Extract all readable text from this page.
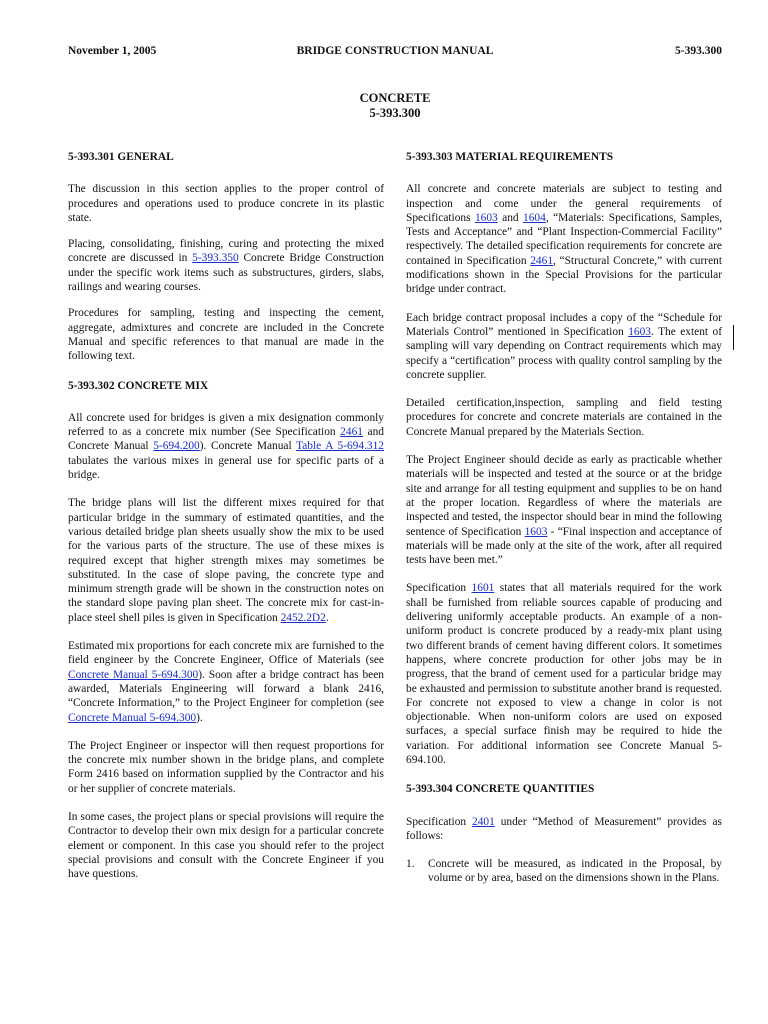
November 1, 2005	BRIDGE CONSTRUCTION MANUAL	5-393.300
CONCRETE
5-393.300
5-393.301 GENERAL

The discussion in this section applies to the proper control of procedures and operations used to produce concrete in its plastic state.

Placing, consolidating, finishing, curing and protecting the mixed concrete are discussed in 5-393.350 Concrete Bridge Construction under the specific work items such as substructures, girders, slabs, railings and wearing courses.

Procedures for sampling, testing and inspecting the cement, aggregate, admixtures and concrete are included in the Concrete Manual and specific references to that manual are made in the following text.

5-393.302 CONCRETE MIX

All concrete used for bridges is given a mix designation commonly referred to as a concrete mix number (See Specification 2461 and Concrete Manual 5-694.200). Concrete Manual Table A 5-694.312 tabulates the various mixes in general use for specific parts of a bridge.

The bridge plans will list the different mixes required for that particular bridge in the summary of estimated quantities, and the various detailed bridge plan sheets usually show the mix to be used for the various parts of the structure. The use of these mixes is required except that higher strength mixes may sometimes be substituted. In the case of slope paving, the concrete type and minimum strength grade will be shown in the construction notes on the standard slope paving plan sheet. The concrete mix for cast-in-place steel shell piles is given in Specification 2452.2D2.

Estimated mix proportions for each concrete mix are furnished to the field engineer by the Concrete Engineer, Office of Materials (see Concrete Manual 5-694.300). Soon after a bridge contract has been awarded, Materials Engineering will forward a blank 2416, “Concrete Information,” to the Project Engineer for completion (see Concrete Manual 5-694.300).

The Project Engineer or inspector will then request proportions for the concrete mix number shown in the bridge plans, and complete Form 2416 based on information supplied by the Contractor and his or her supplier of concrete materials.

In some cases, the project plans or special provisions will require the Contractor to develop their own mix design for a particular concrete element or component. In this case you should refer to the project special provisions and consult with the Concrete Engineer if you have questions.

5-393.303 MATERIAL REQUIREMENTS

All concrete and concrete materials are subject to testing and inspection and come under the general requirements of Specifications 1603 and 1604, “Materials: Specifications, Samples, Tests and Acceptance” and “Plant Inspection-Commercial Facility” respectively. The detailed specification requirements for concrete are contained in Specification 2461, “Structural Concrete,” with current modifications shown in the Special Provisions for the particular bridge under contract.

Each bridge contract proposal includes a copy of the “Schedule for Materials Control” mentioned in Specification 1603. The extent of sampling will vary depending on Contract requirements which may specify a “certification” process with quality control sampling by the concrete supplier.

Detailed certification,inspection, sampling and field testing procedures for concrete and concrete materials are contained in the Concrete Manual prepared by the Materials Section.

The Project Engineer should decide as early as practicable whether materials will be inspected and tested at the source or at the bridge site and arrange for all testing equipment and supplies to be on hand at the proper location. Regardless of where the materials are inspected and tested, the inspector should bear in mind the following sentence of Specification 1603 - “Final inspection and acceptance of materials will be made only at the site of the work, after all required tests have been met.”

Specification 1601 states that all materials required for the work shall be furnished from reliable sources capable of producing and delivering uniformly acceptable products. An example of a non-uniform product is concrete produced by a ready-mix plant using two different brands of cement having different colors. It sometimes happens, where concrete production for other jobs may be in progress, that the brand of cement used for a particular bridge may be exhausted and permission to substitute another brand is requested. For concrete not exposed to view a change in color is not objectionable. When non-uniform colors are used on exposed surfaces, a special surface finish may be required to hide the variation. For additional information see Concrete Manual 5-694.100.

5-393.304 CONCRETE QUANTITIES

Specification 2401 under “Method of Measurement” provides as follows:

1.	Concrete will be measured, as indicated in the Proposal, by volume or by area, based on the dimensions shown in the Plans.
